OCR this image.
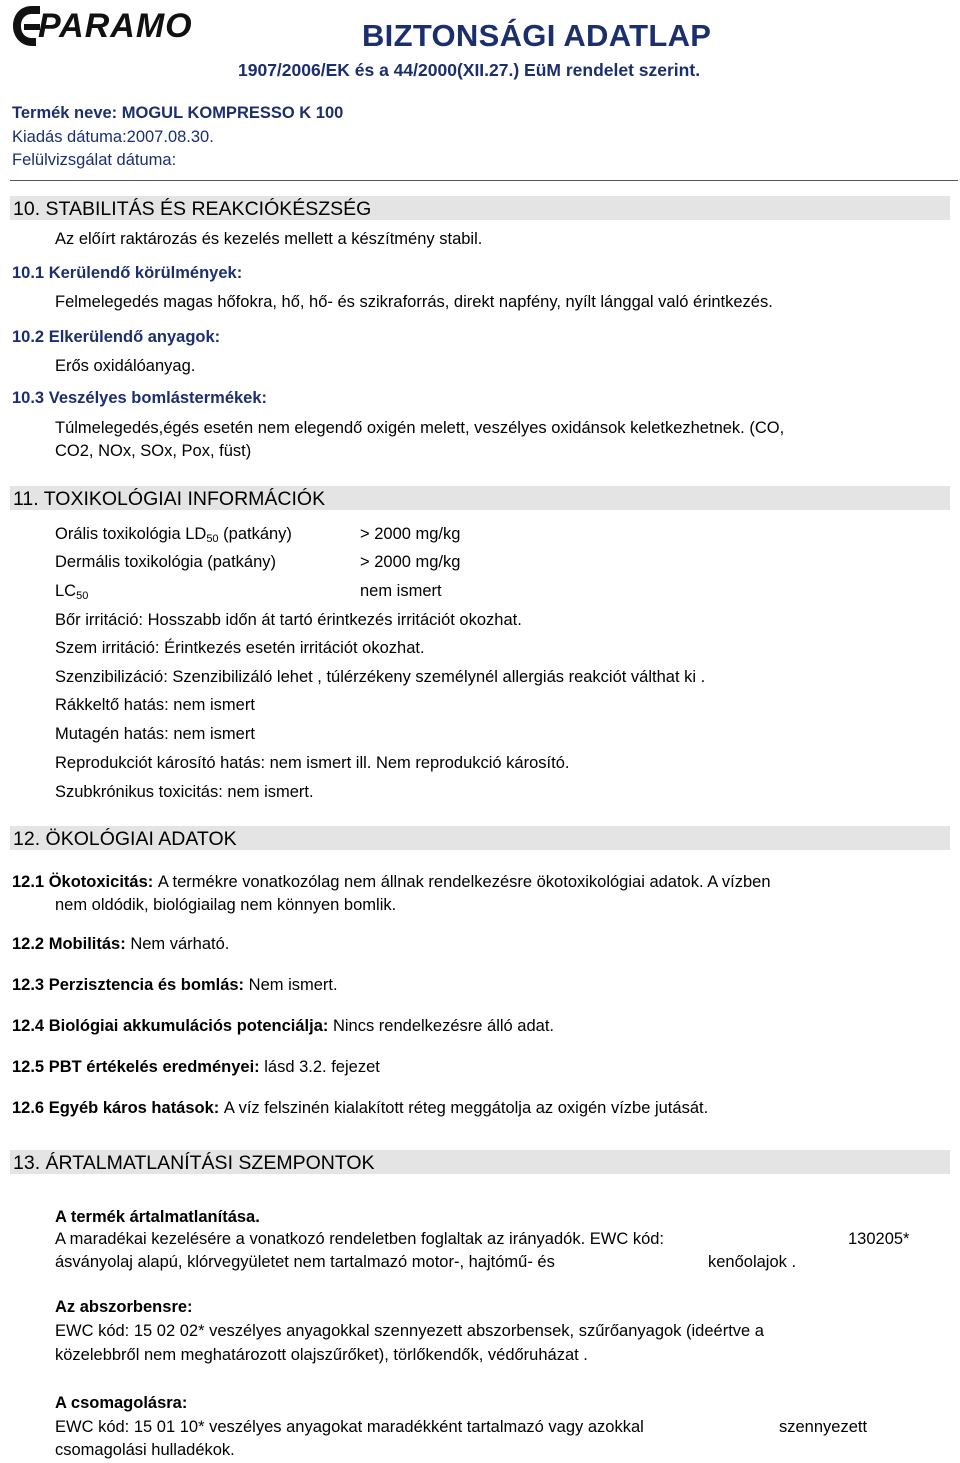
PARAMO	BIZTONSÁGI ADATLAP
1907/2006/EK és a 44/2000(XII.27.) EüM rendelet szerint.
Termék neve: MOGUL KOMPRESSO K 100
Kiadás dátuma:2007.08.30.
Felülvizsgálat dátuma:
10. STABILITÁS ÉS REAKCIÓKÉSZSÉG
Az előírt raktározás és kezelés mellett a készítmény stabil.
10.1 Kerülendő körülmények:
Felmelegedés magas hőfokra, hő, hő- és szikraforrás, direkt napfény, nyílt lánggal való érintkezés.
10.2 Elkerülendő anyagok:
Erős oxidálóanyag.
10.3 Veszélyes bomlástermékek:
Túlmelegedés,égés esetén nem elegendő oxigén melett, veszélyes oxidánsok keletkezhetnek. (CO,
CO2, NOx, SOx, Pox, füst)
11. TOXIKOLÓGIAI INFORMÁCIÓK
Orális toxikológia $LD_{50}$ (patkány)	> 2000 mg/kg
Dermális toxikológia (patkány)	> 2000 mg/kg
$LC_{50}$	nem ismert
Bőr irritáció: Hosszabb időn át tartó érintkezés irritációt okozhat.
Szem irritáció: Érintkezés esetén irritációt okozhat.
Szenzibilizáció: Szenzibilizáló lehet , túlérzékeny személynél allergiás reakciót válthat ki .
Rákkeltő hatás: nem ismert
Mutagén hatás: nem ismert
Reprodukciót károsító hatás: nem ismert ill. Nem reprodukció károsító.
Szubkrónikus toxicitás: nem ismert.
12. ÖKOLÓGIAI ADATOK
12.1 Ökotoxicitás: A termékre vonatkozólag nem állnak rendelkezésre ökotoxikológiai adatok. A vízben
nem oldódik, biológiailag nem könnyen bomlik.
12.2 Mobilitás: Nem várható.
12.3 Perzisztencia és bomlás: Nem ismert.
12.4 Biológiai akkumulációs potenciálja: Nincs rendelkezésre álló adat.
12.5 PBT értékelés eredményei: lásd 3.2. fejezet
12.6 Egyéb káros hatások: A víz felszinén kialakított réteg meggátolja az oxigén vízbe jutását.
13. ÁRTALMATLANÍTÁSI SZEMPONTOK
A termék ártalmatlanítása.
A maradékai kezelésére a vonatkozó rendeletben foglaltak az irányadók. EWC kód:	130205*
ásványolaj alapú, klórvegyületet nem tartalmazó motor-, hajtómű- és	kenőolajok .
Az abszorbensre:
EWC kód: 15 02 02* veszélyes anyagokkal szennyezett abszorbensek, szűrőanyagok (ideértve a
közelebbről nem meghatározott olajszűrőket), törlőkendők, védőruházat .
A csomagolásra:
EWC kód: 15 01 10* veszélyes anyagokat maradékként tartalmazó vagy azokkal	szennyezett
csomagolási hulladékok.
